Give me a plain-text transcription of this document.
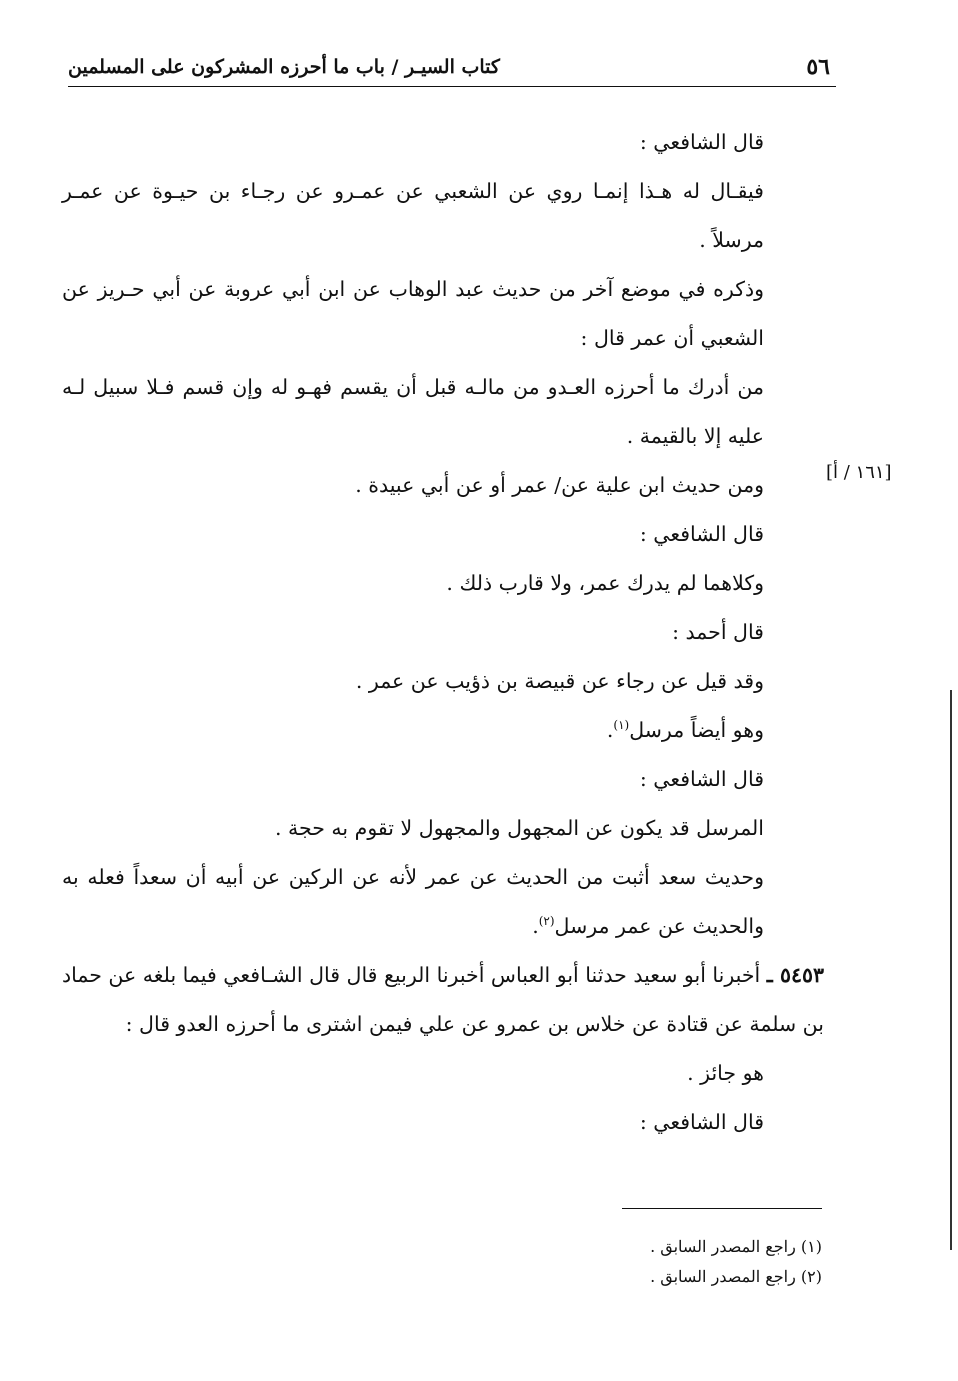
٥٦
كتاب السيـر / باب ما أحرزه المشركون على المسلمين
[١٦١ / أ]

قال الشافعي :

فيقـال له هـذا إنمـا روي عن الشعبي عن عمـرو عن رجـاء بن حيـوة عن عمـر مرسلاً .

وذكره في موضع آخر من حديث عبد الوهاب عن ابن أبي عروبة عن أبي حـريز عن الشعبي أن عمر قال :

من أدرك ما أحرزه العـدو من مالـه قبل أن يقسم فهـو له وإن قسم فـلا سبيل لـه عليه إلا بالقيمة .

ومن حديث ابن علية عن/ عمر أو عن أبي عبيدة .

قال الشافعي :

وكلاهما لم يدرك عمر، ولا قارب ذلك .

قال أحمد :

وقد قيل عن رجاء عن قبيصة بن ذؤيب عن عمر .

وهو أيضاً مرسل$^{(١)}$.

قال الشافعي :

المرسل قد يكون عن المجهول والمجهول لا تقوم به حجة .

وحديث سعد أثبت من الحديث عن عمر لأنه عن الركين عن أبيه أن سعداً فعله به والحديث عن عمر مرسل$^{(٢)}$.

٥٤٥٣ ـ أخبرنا أبو سعيد حدثنا أبو العباس أخبرنا الربيع قال قال الشـافعي فيما بلغه عن حماد بن سلمة عن قتادة عن خلاس بن عمرو عن علي فيمن اشترى ما أحرزه العدو قال :

هو جائز .

قال الشافعي :

(١) راجع المصدر السابق .
(٢) راجع المصدر السابق .
